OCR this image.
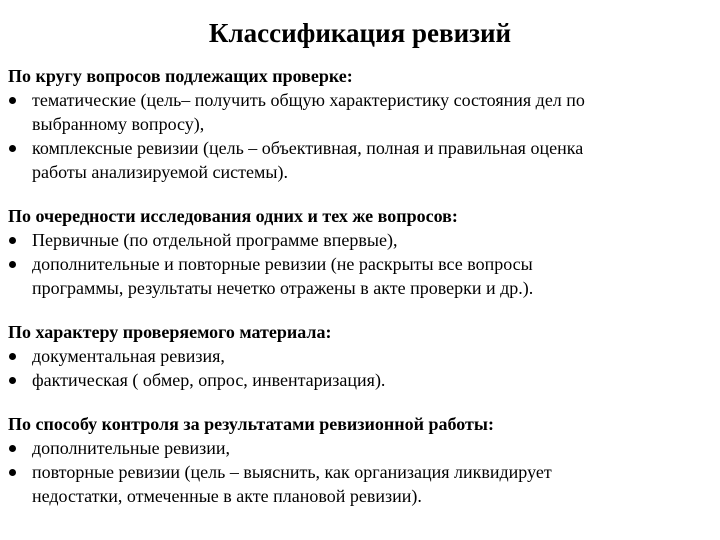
Классификация ревизий
По кругу вопросов подлежащих проверке:
тематические (цель– получить общую характеристику состояния дел по
выбранному вопросу),
комплексные ревизии (цель – объективная, полная и правильная оценка
работы анализируемой системы).
По очередности исследования одних и тех же вопросов:
Первичные (по отдельной программе впервые),
дополнительные и повторные ревизии (не раскрыты все вопросы
программы, результаты нечетко отражены в акте проверки и др.).
По характеру проверяемого материала:
документальная ревизия,
фактическая ( обмер, опрос, инвентаризация).
По способу контроля за результатами ревизионной работы:
дополнительные ревизии,
повторные ревизии (цель – выяснить, как организация ликвидирует
недостатки, отмеченные в акте плановой ревизии).
